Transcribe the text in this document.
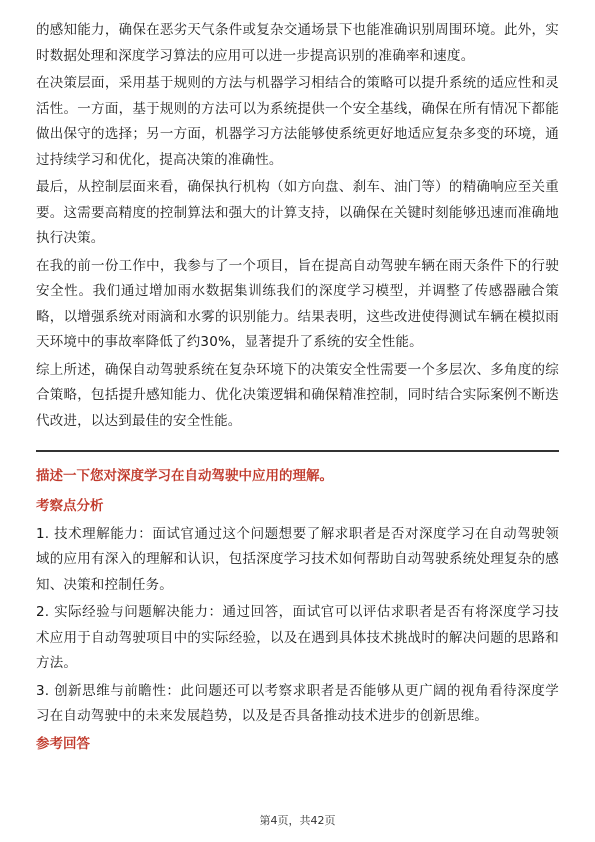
的感知能力，确保在恶劣天气条件或复杂交通场景下也能准确识别周围环境。此外，实时数据处理和深度学习算法的应用可以进一步提高识别的准确率和速度。

在决策层面，采用基于规则的方法与机器学习相结合的策略可以提升系统的适应性和灵活性。一方面，基于规则的方法可以为系统提供一个安全基线，确保在所有情况下都能做出保守的选择；另一方面，机器学习方法能够使系统更好地适应复杂多变的环境，通过持续学习和优化，提高决策的准确性。

最后，从控制层面来看，确保执行机构（如方向盘、刹车、油门等）的精确响应至关重要。这需要高精度的控制算法和强大的计算支持，以确保在关键时刻能够迅速而准确地执行决策。

在我的前一份工作中，我参与了一个项目，旨在提高自动驾驶车辆在雨天条件下的行驶安全性。我们通过增加雨水数据集训练我们的深度学习模型，并调整了传感器融合策略，以增强系统对雨滴和水雾的识别能力。结果表明，这些改进使得测试车辆在模拟雨天环境中的事故率降低了约30%，显著提升了系统的安全性能。

综上所述，确保自动驾驶系统在复杂环境下的决策安全性需要一个多层次、多角度的综合策略，包括提升感知能力、优化决策逻辑和确保精准控制，同时结合实际案例不断迭代改进，以达到最佳的安全性能。

描述一下您对深度学习在自动驾驶中应用的理解。

考察点分析

1. 技术理解能力：面试官通过这个问题想要了解求职者是否对深度学习在自动驾驶领域的应用有深入的理解和认识，包括深度学习技术如何帮助自动驾驶系统处理复杂的感知、决策和控制任务。

2. 实际经验与问题解决能力：通过回答，面试官可以评估求职者是否有将深度学习技术应用于自动驾驶项目中的实际经验，以及在遇到具体技术挑战时的解决问题的思路和方法。

3. 创新思维与前瞻性：此问题还可以考察求职者是否能够从更广阔的视角看待深度学习在自动驾驶中的未来发展趋势，以及是否具备推动技术进步的创新思维。

参考回答

第4页，共42页
